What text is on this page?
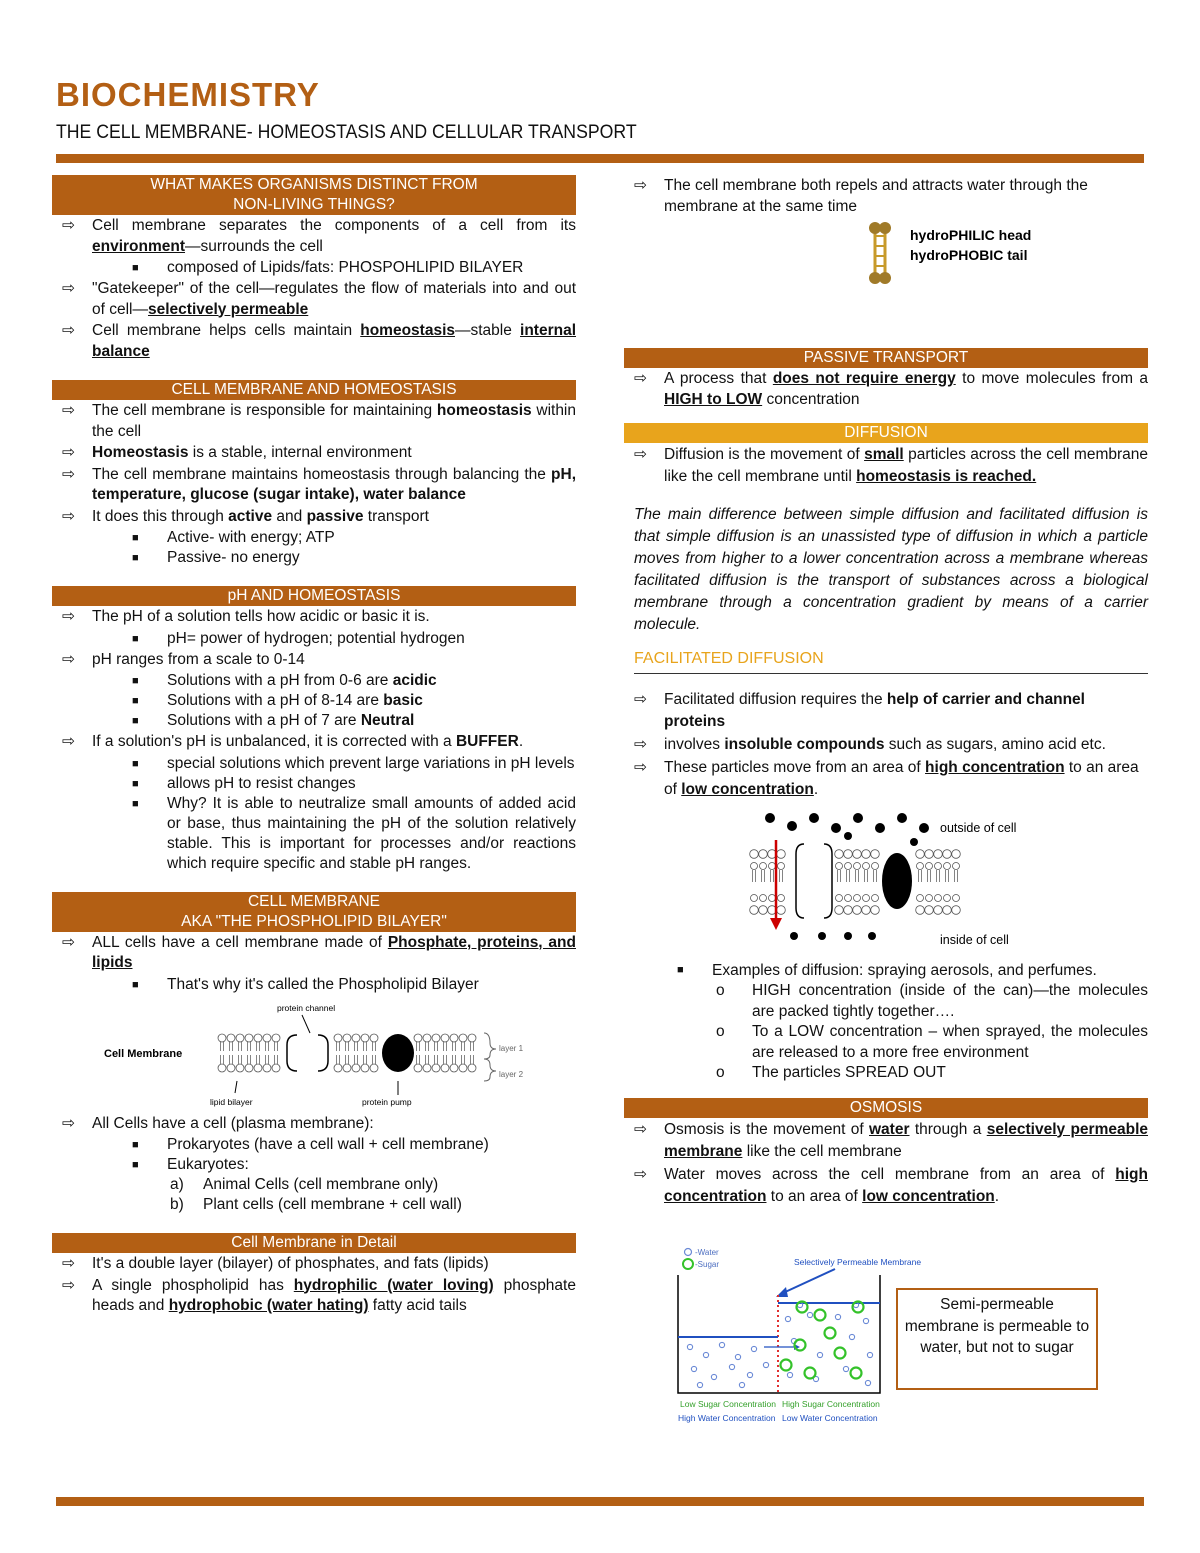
BIOCHEMISTRY
THE CELL MEMBRANE- HOMEOSTASIS AND CELLULAR TRANSPORT
WHAT MAKES ORGANISMS DISTINCT FROM NON-LIVING THINGS?
⇨	Cell membrane separates the components of a cell from its environment—surrounds the cell
■	composed of Lipids/fats: PHOSPOHLIPID BILAYER
⇨	"Gatekeeper" of the cell—regulates the flow of materials into and out of cell—selectively permeable
⇨	Cell membrane helps cells maintain homeostasis—stable internal balance
CELL MEMBRANE AND HOMEOSTASIS
⇨	The cell membrane is responsible for maintaining homeostasis within the cell
⇨	Homeostasis is a stable, internal environment
⇨	The cell membrane maintains homeostasis through balancing the pH, temperature, glucose (sugar intake), water balance
⇨	It does this through active and passive transport
■	Active- with energy; ATP
■	Passive- no energy
pH AND HOMEOSTASIS
⇨	The pH of a solution tells how acidic or basic it is.
■	pH= power of hydrogen; potential hydrogen
⇨	pH ranges from a scale to 0-14
■	Solutions with a pH from 0-6 are acidic
■	Solutions with a pH of 8-14 are basic
■	Solutions with a pH of 7 are Neutral
⇨	If a solution's pH is unbalanced, it is corrected with a BUFFER.
■	special solutions which prevent large variations in pH levels
■	allows pH to resist changes
■	Why? It is able to neutralize small amounts of added acid or base, thus maintaining the pH of the solution relatively stable. This is important for processes and/or reactions which require specific and stable pH ranges.
CELL MEMBRANE
AKA "THE PHOSPHOLIPID BILAYER"
⇨	ALL cells have a cell membrane made of Phosphate, proteins, and lipids
■	That's why it's called the Phospholipid Bilayer
Cell Membrane
protein channel
layer 1
layer 2
lipid bilayer	protein pump
⇨	All Cells have a cell (plasma membrane):
■	Prokaryotes (have a cell wall + cell membrane)
■	Eukaryotes:
a)	Animal Cells (cell membrane only)
b)	Plant cells (cell membrane + cell wall)
Cell Membrane in Detail
⇨	It's a double layer (bilayer) of phosphates, and fats (lipids)
⇨	A single phospholipid has hydrophilic (water loving) phosphate heads and hydrophobic (water hating) fatty acid tails
⇨	The cell membrane both repels and attracts water through the membrane at the same time
hydroPHILIC head
hydroPHOBIC tail
PASSIVE TRANSPORT
⇨	A process that does not require energy to move molecules from a HIGH to LOW concentration
DIFFUSION
⇨	Diffusion is the movement of small particles across the cell membrane like the cell membrane until homeostasis is reached.
The main difference between simple diffusion and facilitated diffusion is that simple diffusion is an unassisted type of diffusion in which a particle moves from higher to a lower concentration across a membrane whereas facilitated diffusion is the transport of substances across a biological membrane through a concentration gradient by means of a carrier molecule.
FACILITATED DIFFUSION
⇨	Facilitated diffusion requires the help of carrier and channel proteins
⇨	involves insoluble compounds such as sugars, amino acid etc.
⇨	These particles move from an area of high concentration to an area of low concentration.
outside of cell
inside of cell
■	Examples of diffusion: spraying aerosols, and perfumes.
o	HIGH concentration (inside of the can)—the molecules are packed tightly together….
o	To a LOW concentration – when sprayed, the molecules are released to a more free environment
o	The particles SPREAD OUT
OSMOSIS
⇨	Osmosis is the movement of water through a selectively permeable membrane like the cell membrane
⇨	Water moves across the cell membrane from an area of high concentration to an area of low concentration.
-Water
-Sugar	Selectively Permeable Membrane
Low Sugar Concentration
High Water Concentration
High Sugar Concentration
Low Water Concentration
Semi-permeable membrane is permeable to water, but not to sugar
